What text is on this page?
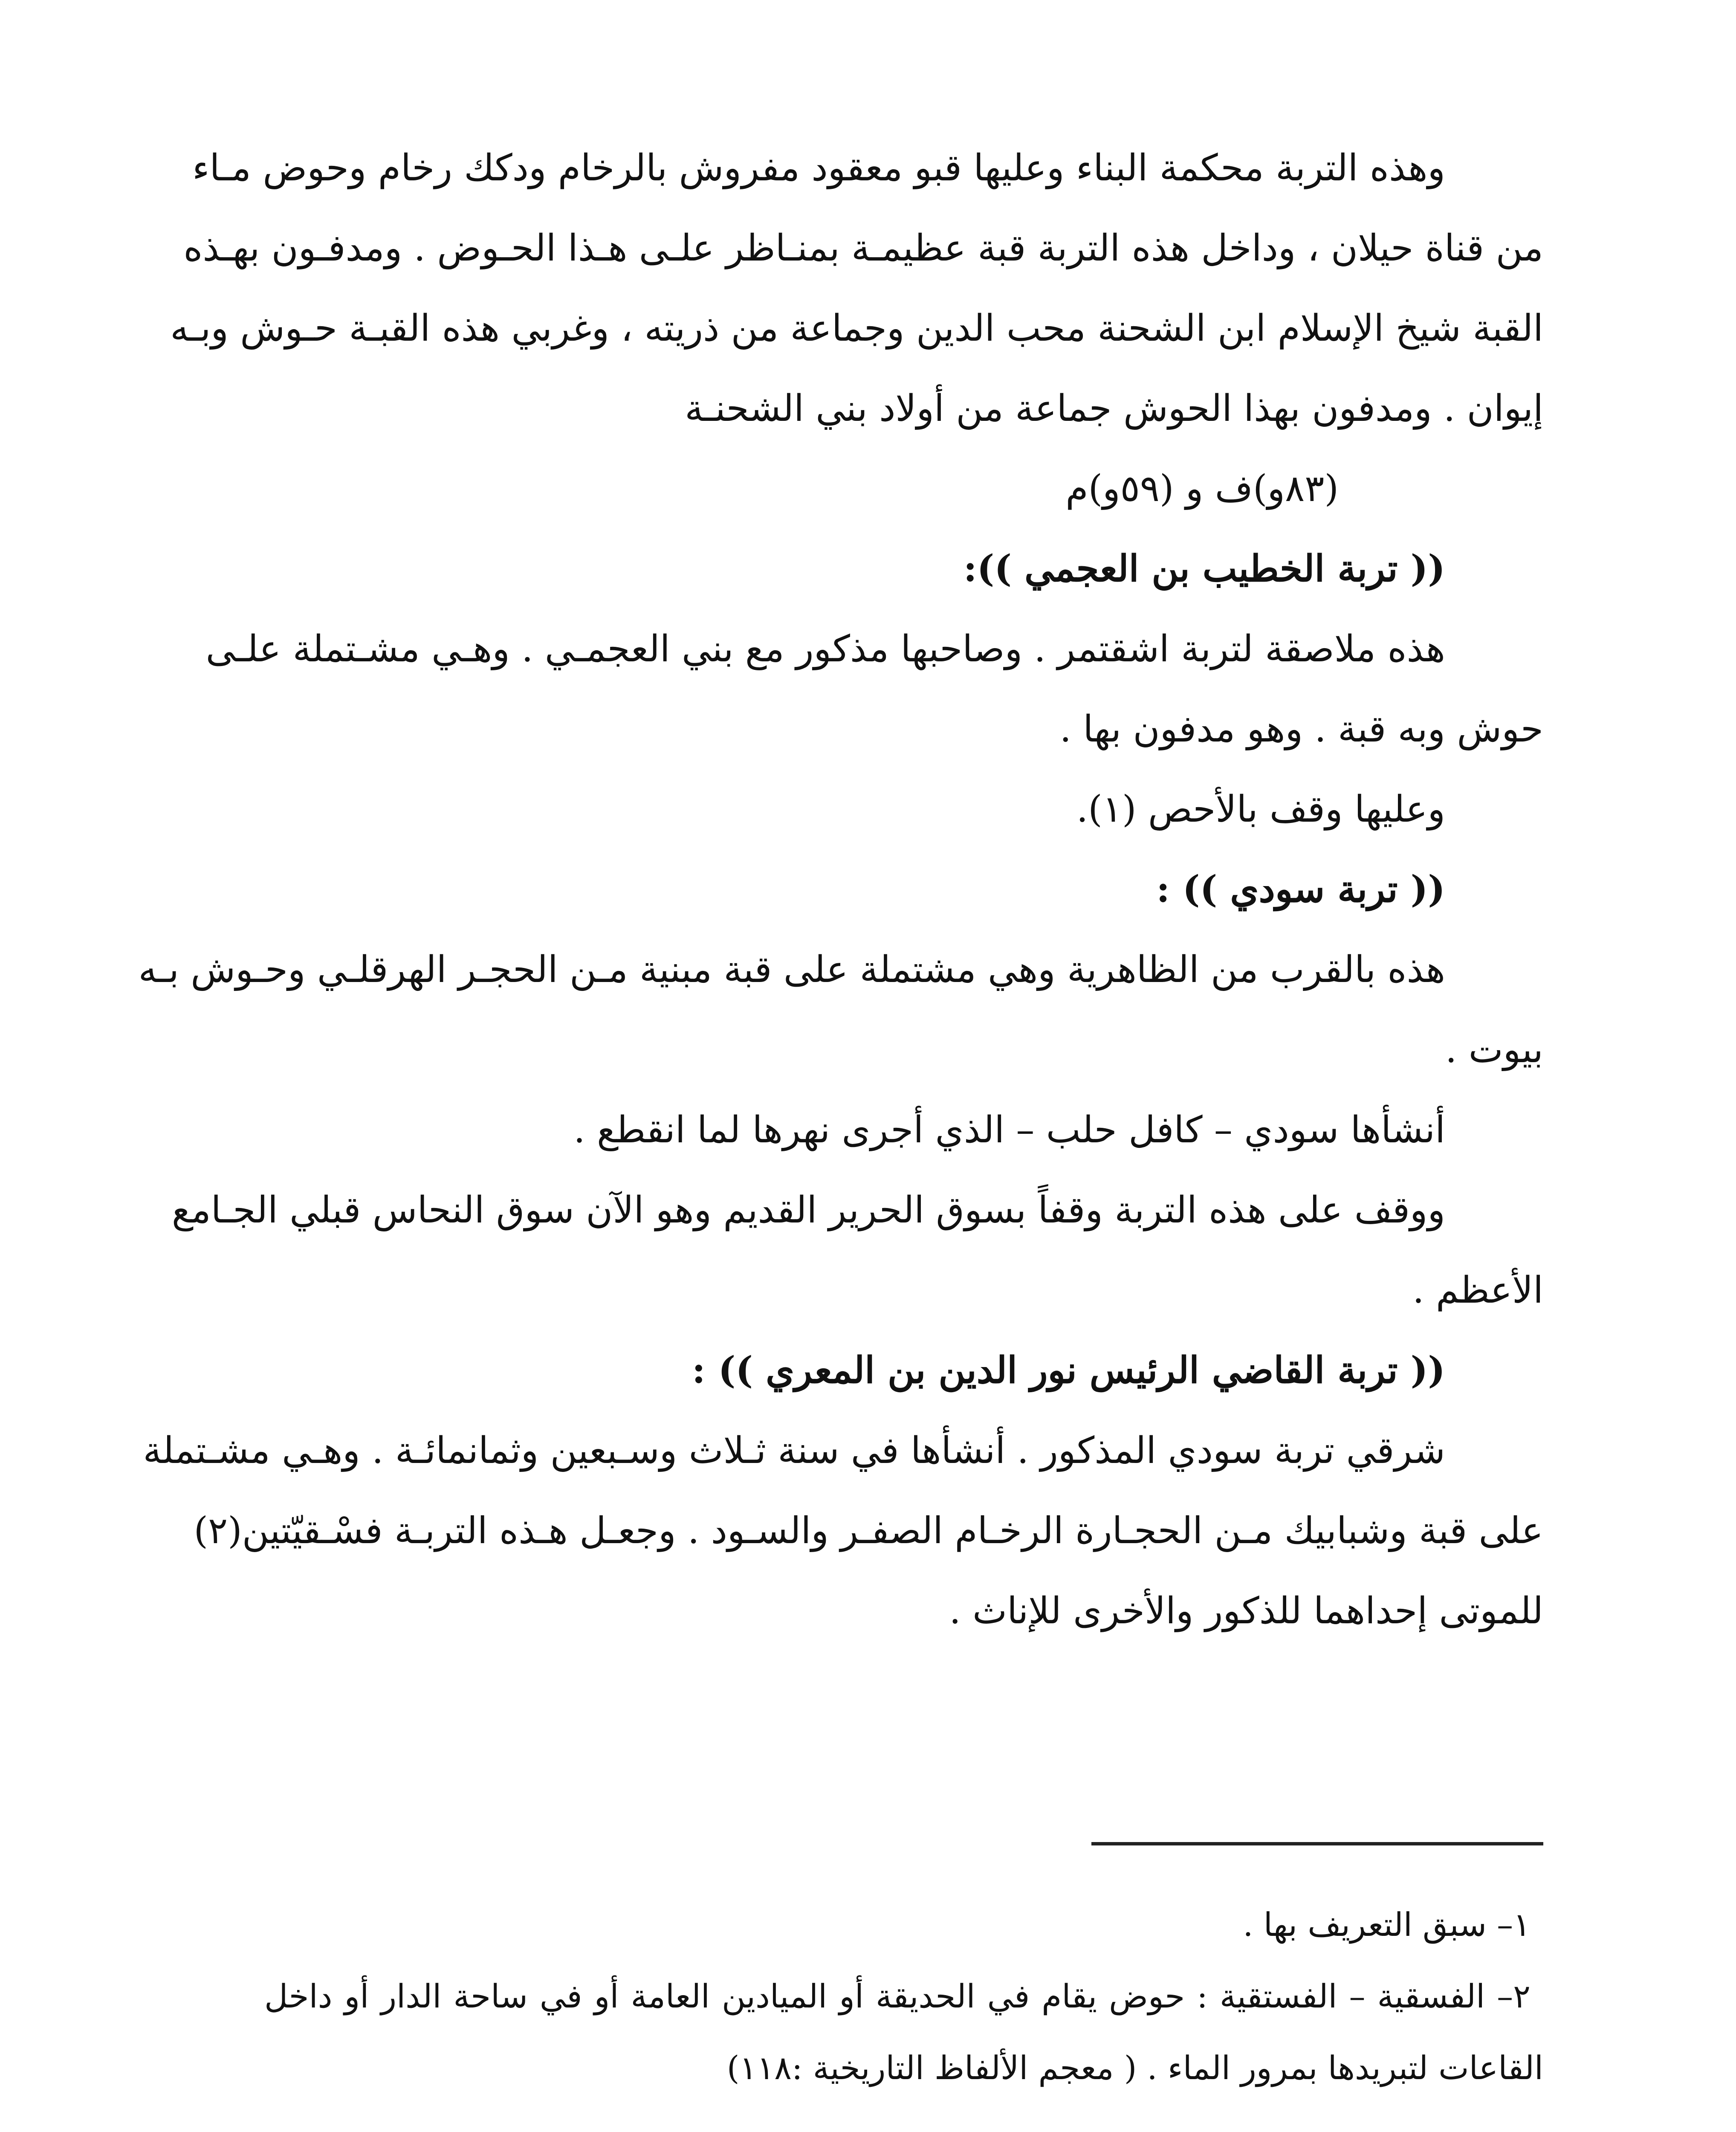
وهذه التربة محكمة البناء وعليها قبو معقود مفروش بالرخام ودكك رخام وحوض مـاء
من قناة حيلان ، وداخل هذه التربة قبة عظيمـة بمنـاظر علـى هـذا الحـوض . ومدفـون بهـذه
القبة شيخ الإسلام ابن الشحنة محب الدين وجماعة من ذريته ، وغربي هذه القبـة حـوش وبـه
إيوان . ومدفون بهذا الحوش جماعة من أولاد بني الشحنـة
(٨٣و)ف و (٥٩و)م
(( تربة الخطيب بن العجمي )):
هذه ملاصقة لتربة اشقتمر . وصاحبها مذكور مع بني العجمـي . وهـي مشـتملة علـى
حوش وبه قبة . وهو مدفون بها .
وعليها وقف بالأحص (١).
(( تربة سودي )) :
هذه بالقرب من الظاهرية وهي مشتملة على قبة مبنية مـن الحجـر الهرقلـي وحـوش بـه
بيوت .
أنشأها سودي – كافل حلب – الذي أجرى نهرها لما انقطع .
ووقف على هذه التربة وقفاً بسوق الحرير القديم وهو الآن سوق النحاس قبلي الجـامع
الأعظم .
(( تربة القاضي الرئيس نور الدين بن المعري )) :
شرقي تربة سودي المذكور . أنشأها في سنة ثـلاث وسـبعين وثمانمائـة . وهـي مشـتملة
على قبة وشبابيك مـن الحجـارة الرخـام الصفـر والسـود . وجعـل هـذه التربـة فسْـقيّتين(٢)
للموتى إحداهما للذكور والأخرى للإناث .
١– سبق التعريف بها .
٢– الفسقية – الفستقية : حوض يقام في الحديقة أو الميادين العامة أو في ساحة الدار أو داخل
القاعات لتبريدها بمرور الماء . ( معجم الألفاظ التاريخية :١١٨)
